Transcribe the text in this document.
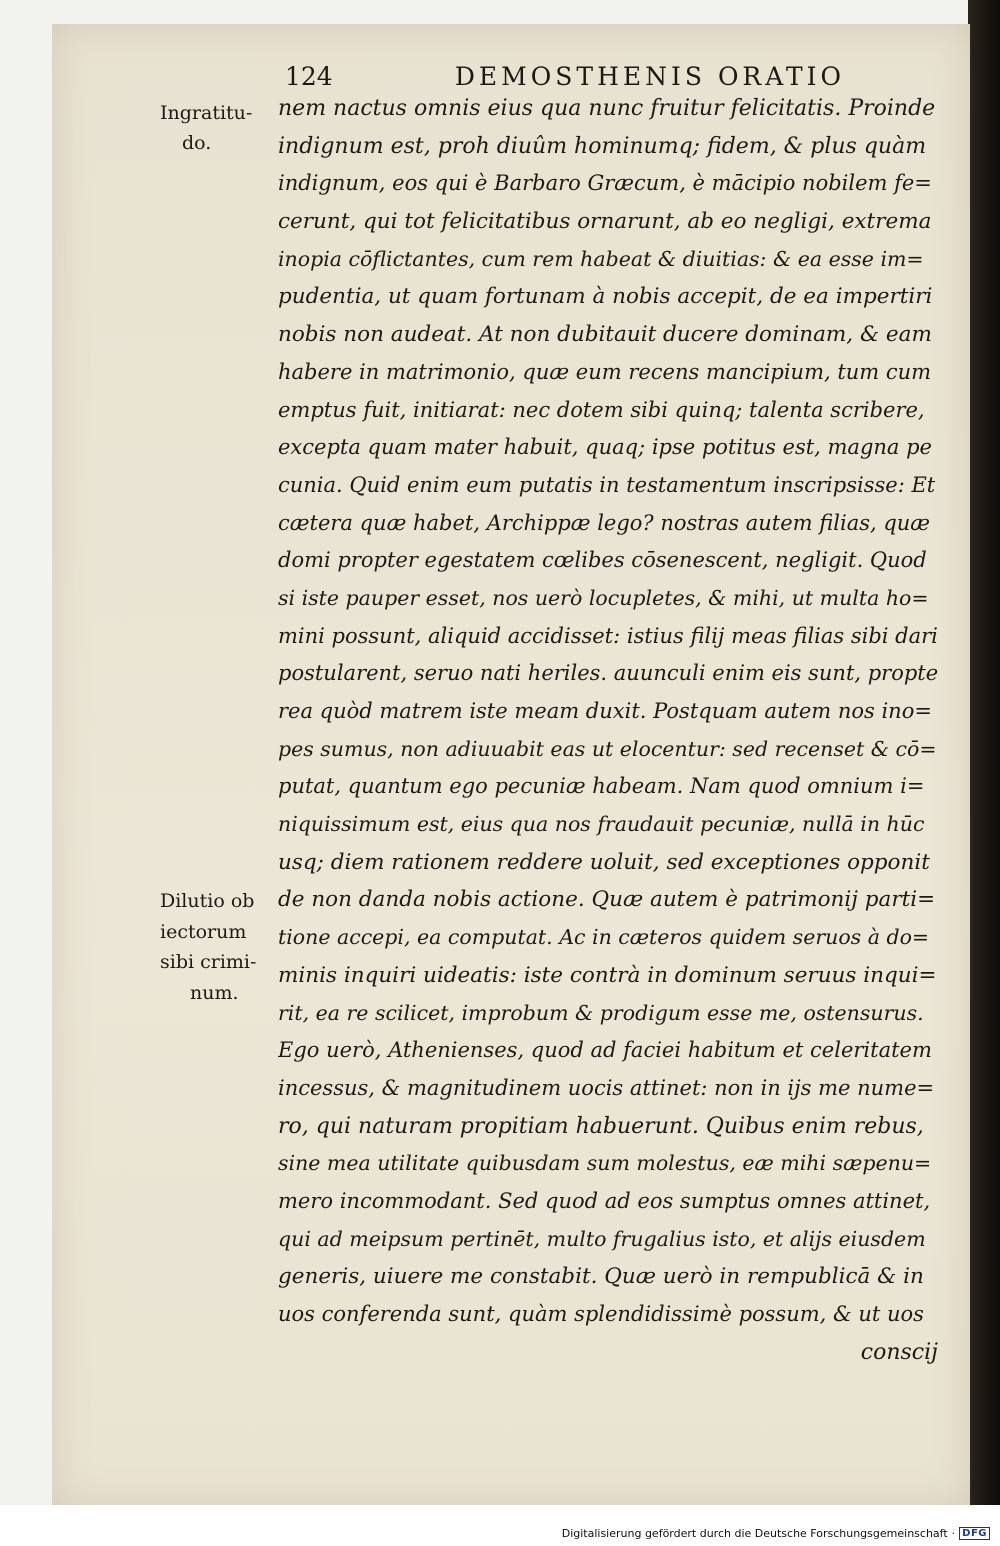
124	DEMOSTHENIS ORATIO
Ingratitu-
do.
Dilutio ob
iectorum
sibi crimi-
num.
nem nactus omnis eius qua nunc fruitur felicitatis. Proinde
indignum est, proh diuûm hominumq; fidem, & plus quàm
indignum, eos qui è Barbaro Græcum, è mācipio nobilem fe=
cerunt, qui tot felicitatibus ornarunt, ab eo negligi, extrema
inopia cōflictantes, cum rem habeat & diuitias: & ea esse im=
pudentia, ut quam fortunam à nobis accepit, de ea impertiri
nobis non audeat. At non dubitauit ducere dominam, & eam
habere in matrimonio, quæ eum recens mancipium, tum cum
emptus fuit, initiarat: nec dotem sibi quinq; talenta scribere,
excepta quam mater habuit, quaq; ipse potitus est, magna pe
cunia. Quid enim eum putatis in testamentum inscripsisse: Et
cætera quæ habet, Archippæ lego? nostras autem filias, quæ
domi propter egestatem cœlibes cōsenescent, negligit. Quod
si iste pauper esset, nos uerò locupletes, & mihi, ut multa ho=
mini possunt, aliquid accidisset: istius filij meas filias sibi dari
postularent, seruo nati heriles. auunculi enim eis sunt, propte
rea quòd matrem iste meam duxit. Postquam autem nos ino=
pes sumus, non adiuuabit eas ut elocentur: sed recenset & cō=
putat, quantum ego pecuniæ habeam. Nam quod omnium i=
niquissimum est, eius qua nos fraudauit pecuniæ, nullā in hūc
usq; diem rationem reddere uoluit, sed exceptiones opponit
de non danda nobis actione. Quæ autem è patrimonij parti=
tione accepi, ea computat. Ac in cæteros quidem seruos à do=
minis inquiri uideatis: iste contrà in dominum seruus inqui=
rit, ea re scilicet, improbum & prodigum esse me, ostensurus.
Ego uerò, Athenienses, quod ad faciei habitum et celeritatem
incessus, & magnitudinem uocis attinet: non in ijs me nume=
ro, qui naturam propitiam habuerunt. Quibus enim rebus,
sine mea utilitate quibusdam sum molestus, eæ mihi sæpenu=
mero incommodant. Sed quod ad eos sumptus omnes attinet,
qui ad meipsum pertinēt, multo frugalius isto, et alijs eiusdem
generis, uiuere me constabit. Quæ uerò in rempublicā & in
uos conferenda sunt, quàm splendidissimè possum, & ut uos
conscij
Digitalisierung gefördert durch die Deutsche Forschungsgemeinschaft · DFG
